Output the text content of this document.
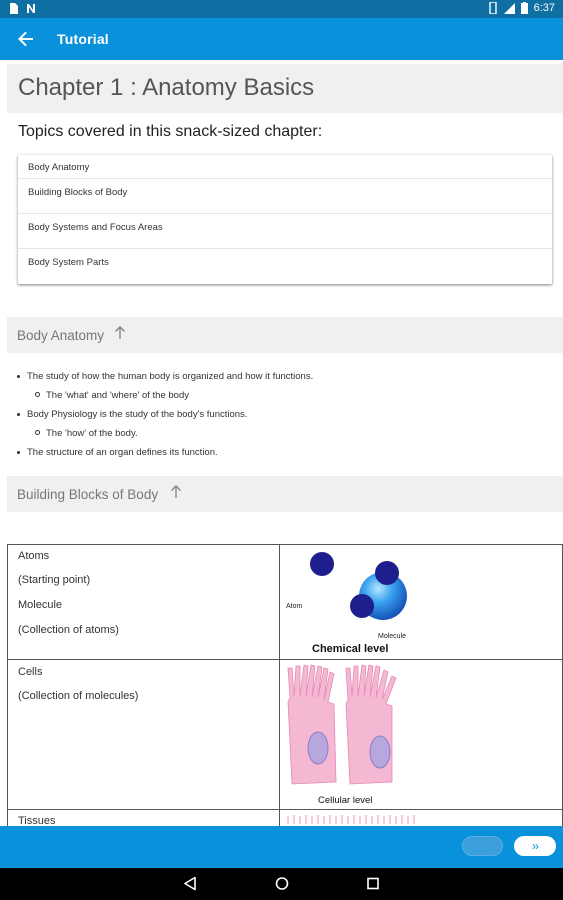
6:37
Tutorial
Chapter 1 : Anatomy Basics
Topics covered in this snack-sized chapter:
Body Anatomy
Building Blocks of Body
Body Systems and Focus Areas
Body System Parts
Body Anatomy
The study of how the human body is organized and how it functions.
The 'what' and 'where' of the body
Body Physiology is the study of the body's functions.
The 'how' of the body.
The structure of an organ defines its function.
Building Blocks of Body
Atoms
(Starting point)
Molecule
(Collection of atoms)
Atom
Molecule
Chemical level
Cells
(Collection of molecules)
Cellular level
Tissues
››
